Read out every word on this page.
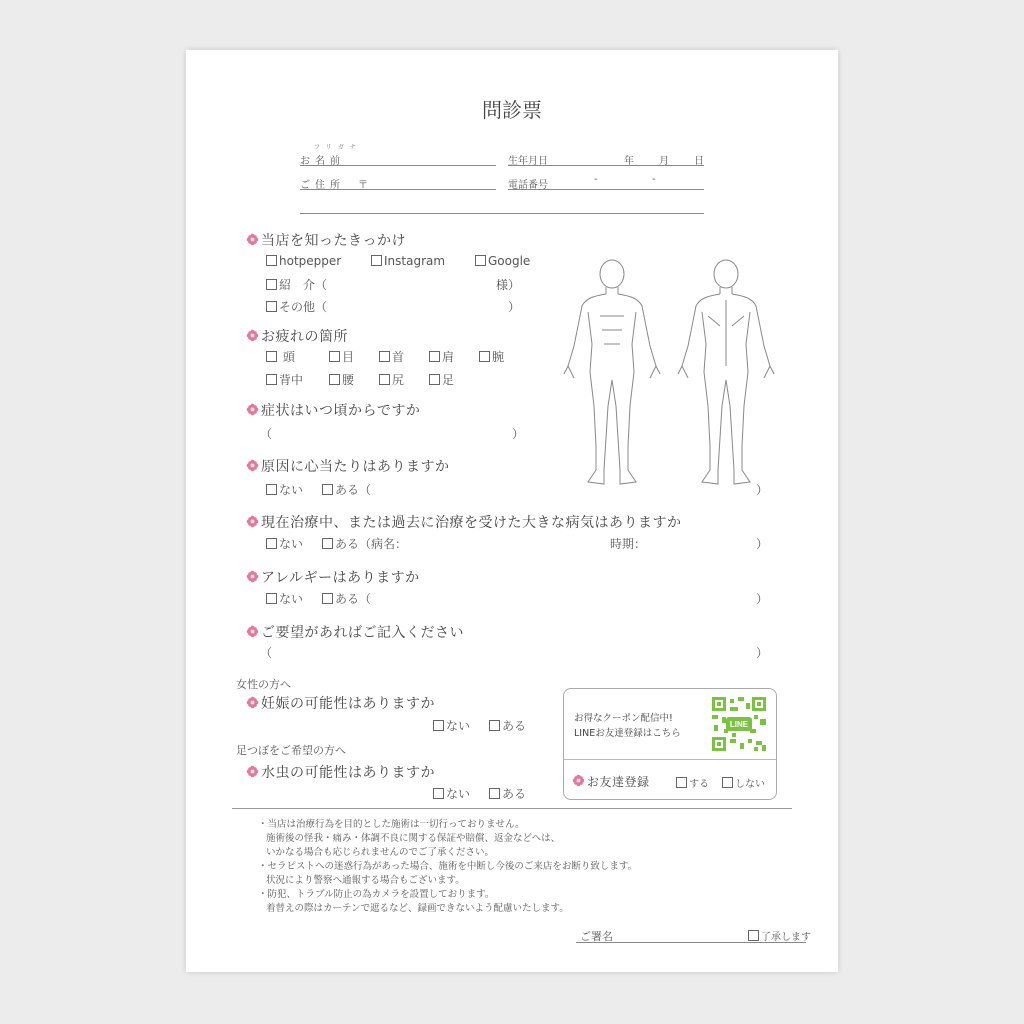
問診票
フリガナ
お名前	生年月日	年	月	日
ご住所 〒	電話番号
-	-
当店を知ったきっかけ
hotpepper	Instagram	Google
紹　介（	様）
その他（	）
お疲れの箇所
頭	目	首	肩	腕
背中	腰	尻	足
症状はいつ頃からですか
（	）
原因に心当たりはありますか
ない	ある（	）
現在治療中、または過去に治療を受けた大きな病気はありますか
ない	ある（病名：	時期：	）
アレルギーはありますか
ない	ある（	）
ご要望があればご記入ください
（	）
女性の方へ
妊娠の可能性はありますか
ない	ある
足つぼをご希望の方へ
水虫の可能性はありますか
ない	ある
お得なクーポン配信中!
LINEお友達登録はこちら
LINE
お友達登録	する	しない
・当店は治療行為を目的とした施術は一切行っておりません。
施術後の怪我・痛み・体調不良に関する保証や賠償、返金などへは、
いかなる場合も応じられませんのでご了承ください。
・セラピストへの迷惑行為があった場合、施術を中断し今後のご来店をお断り致します。
状況により警察へ通報する場合もございます。
・防犯、トラブル防止の為カメラを設置しております。
着替えの際はカーテンで遮るなど、録画できないよう配慮いたします。
ご署名	了承します
